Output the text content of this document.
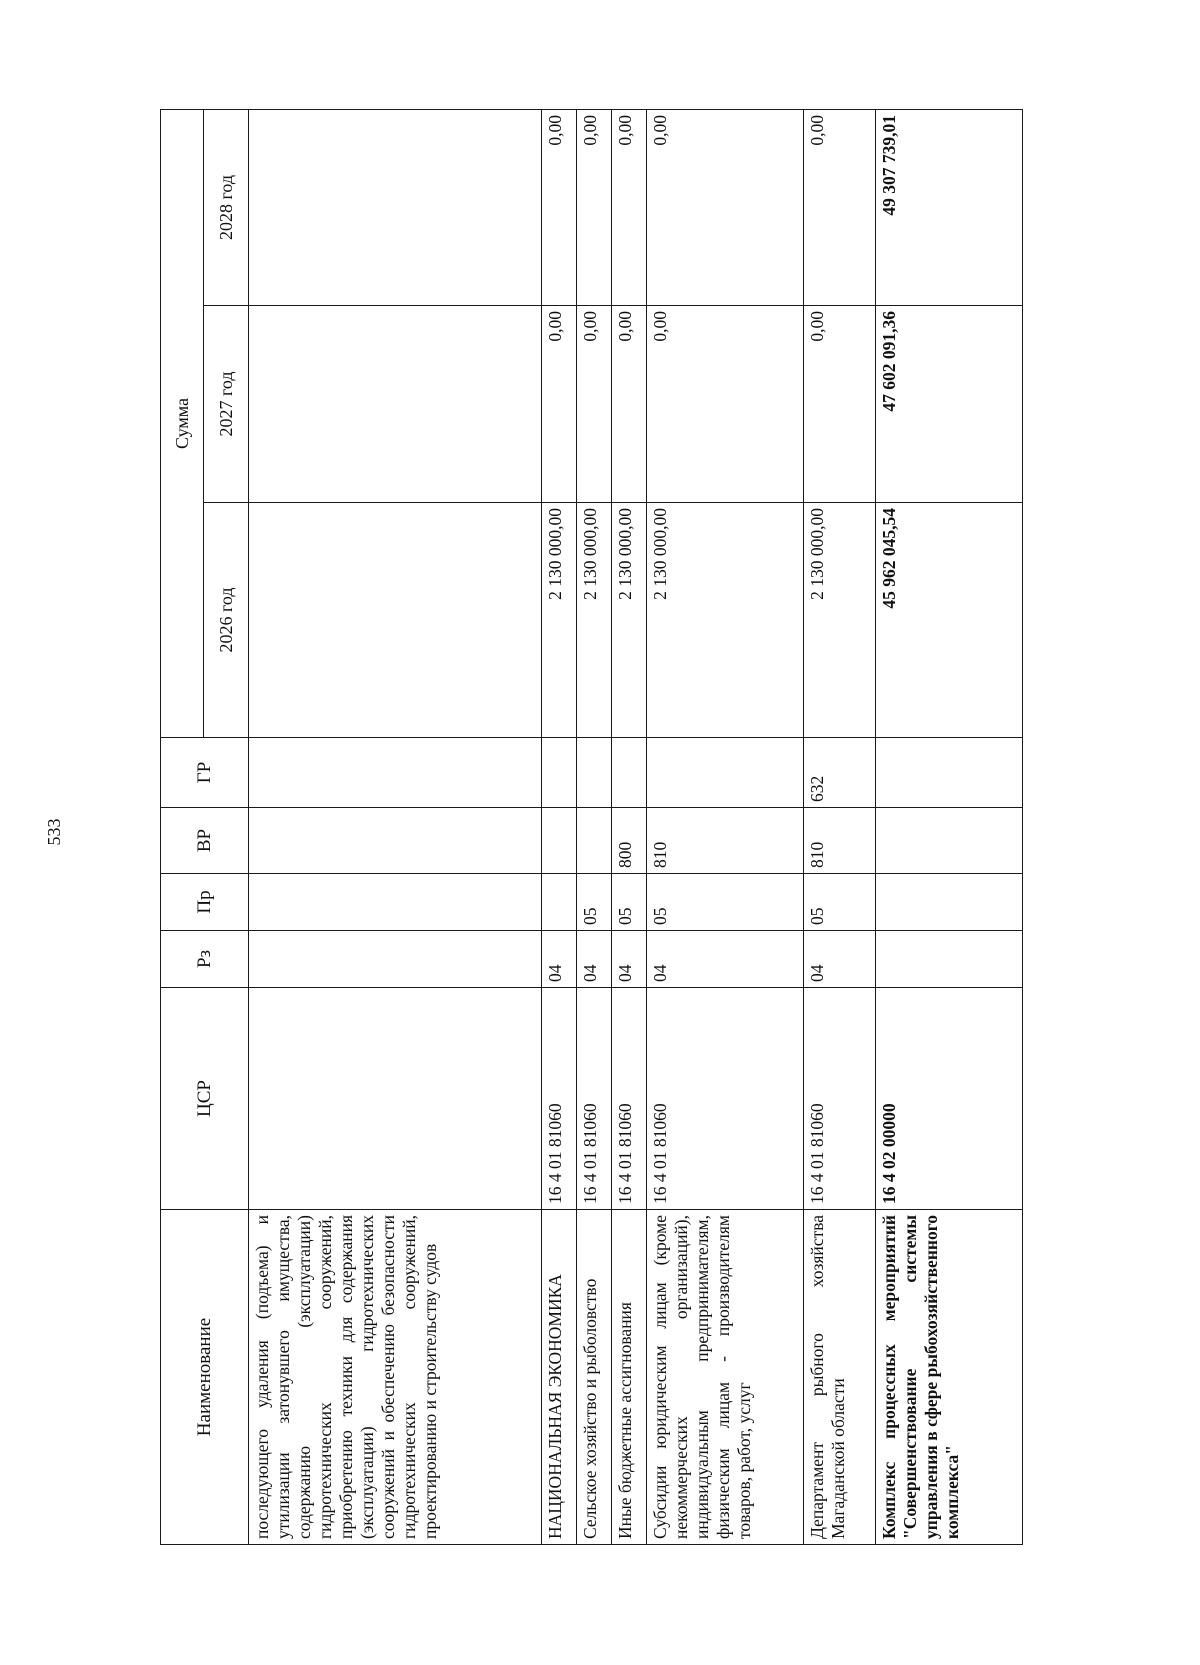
533
Наименование	ЦСР	Рз	Пр	ВР	ГР	Сумма		
						2026 год	2027 год	2028 год
последующего удаления (подъема) и утилизации затонувшего имущества, содержанию (эксплуатации) гидротехнических сооружений, приобретению техники для содержания (эксплуатации) гидротехнических сооружений и обеспечению безопасности гидротехнических сооружений, проектированию и строительству судов								
НАЦИОНАЛЬНАЯ ЭКОНОМИКА	16 4 01 81060	04				2 130 000,00	0,00	0,00
Сельское хозяйство и рыболовство	16 4 01 81060	04	05			2 130 000,00	0,00	0,00
Иные бюджетные ассигнования	16 4 01 81060	04	05	800		2 130 000,00	0,00	0,00
Субсидии юридическим лицам (кроме некоммерческих организаций), индивидуальным предпринимателям, физическим лицам - производителям товаров, работ, услуг	16 4 01 81060	04	05	810		2 130 000,00	0,00	0,00
Департамент рыбного хозяйства Магаданской области	16 4 01 81060	04	05	810	632	2 130 000,00	0,00	0,00
Комплекс процессных мероприятий "Совершенствование системы управления в сфере рыбохозяйственного комплекса"	16 4 02 00000					45 962 045,54	47 602 091,36	49 307 739,01
